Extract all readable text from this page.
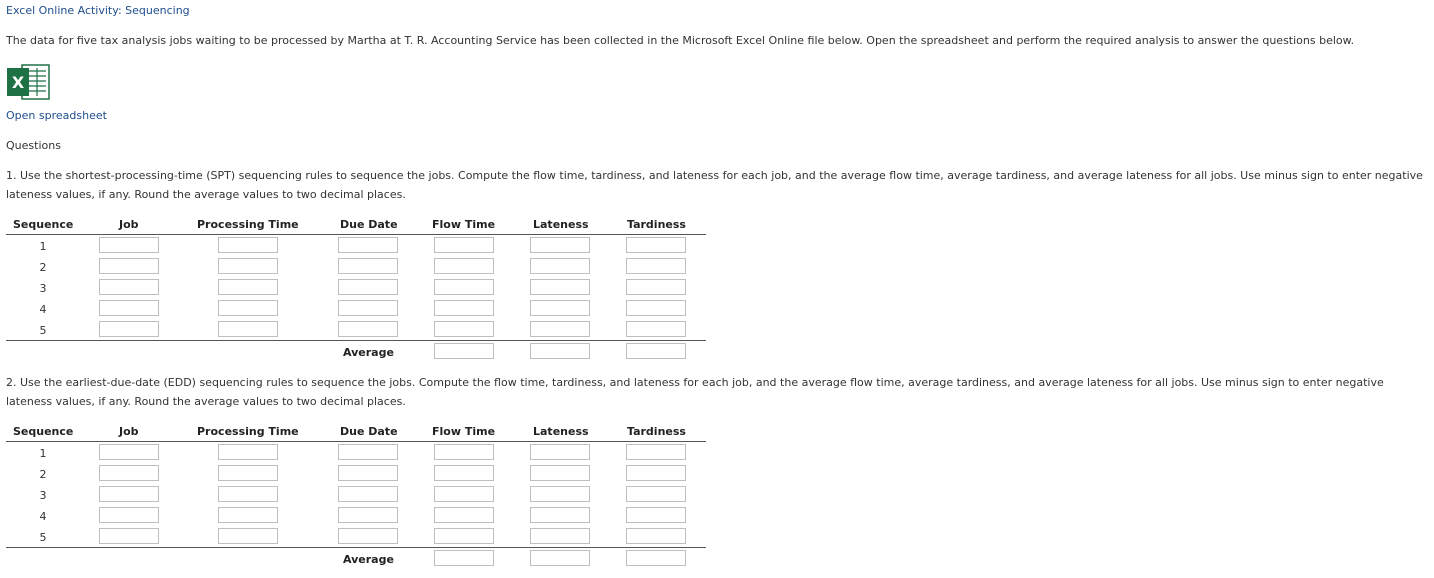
Excel Online Activity: Sequencing
The data for five tax analysis jobs waiting to be processed by Martha at T. R. Accounting Service has been collected in the Microsoft Excel Online file below. Open the spreadsheet and perform the required analysis to answer the questions below.
X
Open spreadsheet
Questions
1. Use the shortest-processing-time (SPT) sequencing rules to sequence the jobs. Compute the flow time, tardiness, and lateness for each job, and the average flow time, average tardiness, and average lateness for all jobs. Use minus sign to enter negative lateness values, if any. Round the average values to two decimal places.
Sequence	Job	Processing Time	Due Date	Flow Time	Lateness	Tardiness
1
2
3
4
5
Average
2. Use the earliest-due-date (EDD) sequencing rules to sequence the jobs. Compute the flow time, tardiness, and lateness for each job, and the average flow time, average tardiness, and average lateness for all jobs. Use minus sign to enter negative lateness values, if any. Round the average values to two decimal places.
Sequence	Job	Processing Time	Due Date	Flow Time	Lateness	Tardiness
1
2
3
4
5
Average
